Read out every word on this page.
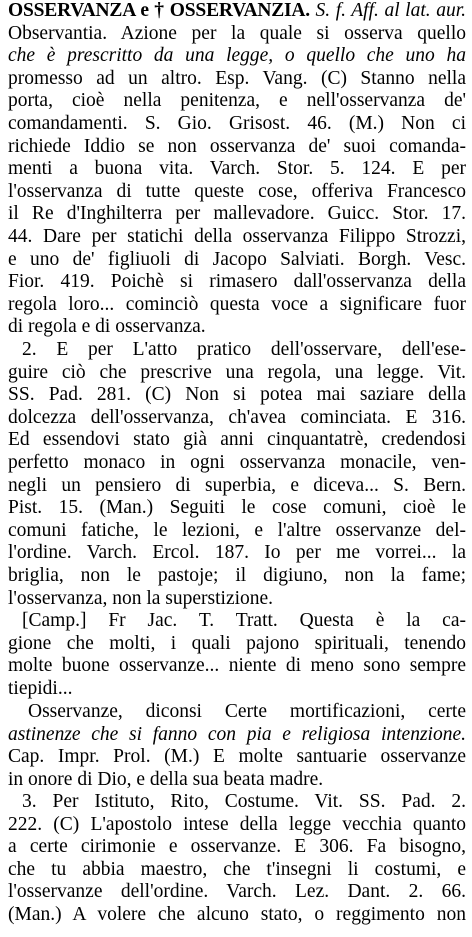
OSSERVANZA e † OSSERVANZIA. S. f. Aff. al lat. aur.
Observantia. Azione per la quale si osserva quello
che è prescritto da una legge, o quello che uno ha
promesso ad un altro. Esp. Vang. (C) Stanno nella
porta, cioè nella penitenza, e nell'osservanza de'
comandamenti. S. Gio. Grisost. 46. (M.) Non ci
richiede Iddio se non osservanza de' suoi comanda-
menti a buona vita. Varch. Stor. 5. 124. E per
l'osservanza di tutte queste cose, offeriva Francesco
il Re d'Inghilterra per mallevadore. Guicc. Stor. 17.
44. Dare per statichi della osservanza Filippo Strozzi,
e uno de' figliuoli di Jacopo Salviati. Borgh. Vesc.
Fior. 419. Poichè si rimasero dall'osservanza della
regola loro... cominciò questa voce a significare fuor
di regola e di osservanza.
2. E per L'atto pratico dell'osservare, dell'ese-
guire ciò che prescrive una regola, una legge. Vit.
SS. Pad. 281. (C) Non si potea mai saziare della
dolcezza dell'osservanza, ch'avea cominciata. E 316.
Ed essendovi stato già anni cinquantatrè, credendosi
perfetto monaco in ogni osservanza monacile, ven-
negli un pensiero di superbia, e diceva... S. Bern.
Pist. 15. (Man.) Seguiti le cose comuni, cioè le
comuni fatiche, le lezioni, e l'altre osservanze del-
l'ordine. Varch. Ercol. 187. Io per me vorrei... la
briglia, non le pastoje; il digiuno, non la fame;
l'osservanza, non la superstizione.
[Camp.] Fr Jac. T. Tratt. Questa è la ca-
gione che molti, i quali pajono spirituali, tenendo
molte buone osservanze... niente di meno sono sempre
tiepidi...
Osservanze, diconsi Certe mortificazioni, certe
astinenze che si fanno con pia e religiosa intenzione.
Cap. Impr. Prol. (M.) E molte santuarie osservanze
in onore di Dio, e della sua beata madre.
3. Per Istituto, Rito, Costume. Vit. SS. Pad. 2.
222. (C) L'apostolo intese della legge vecchia quanto
a certe cirimonie e osservanze. E 306. Fa bisogno,
che tu abbia maestro, che t'insegni li costumi, e
l'osservanze dell'ordine. Varch. Lez. Dant. 2. 66.
(Man.) A volere che alcuno stato, o reggimento non
